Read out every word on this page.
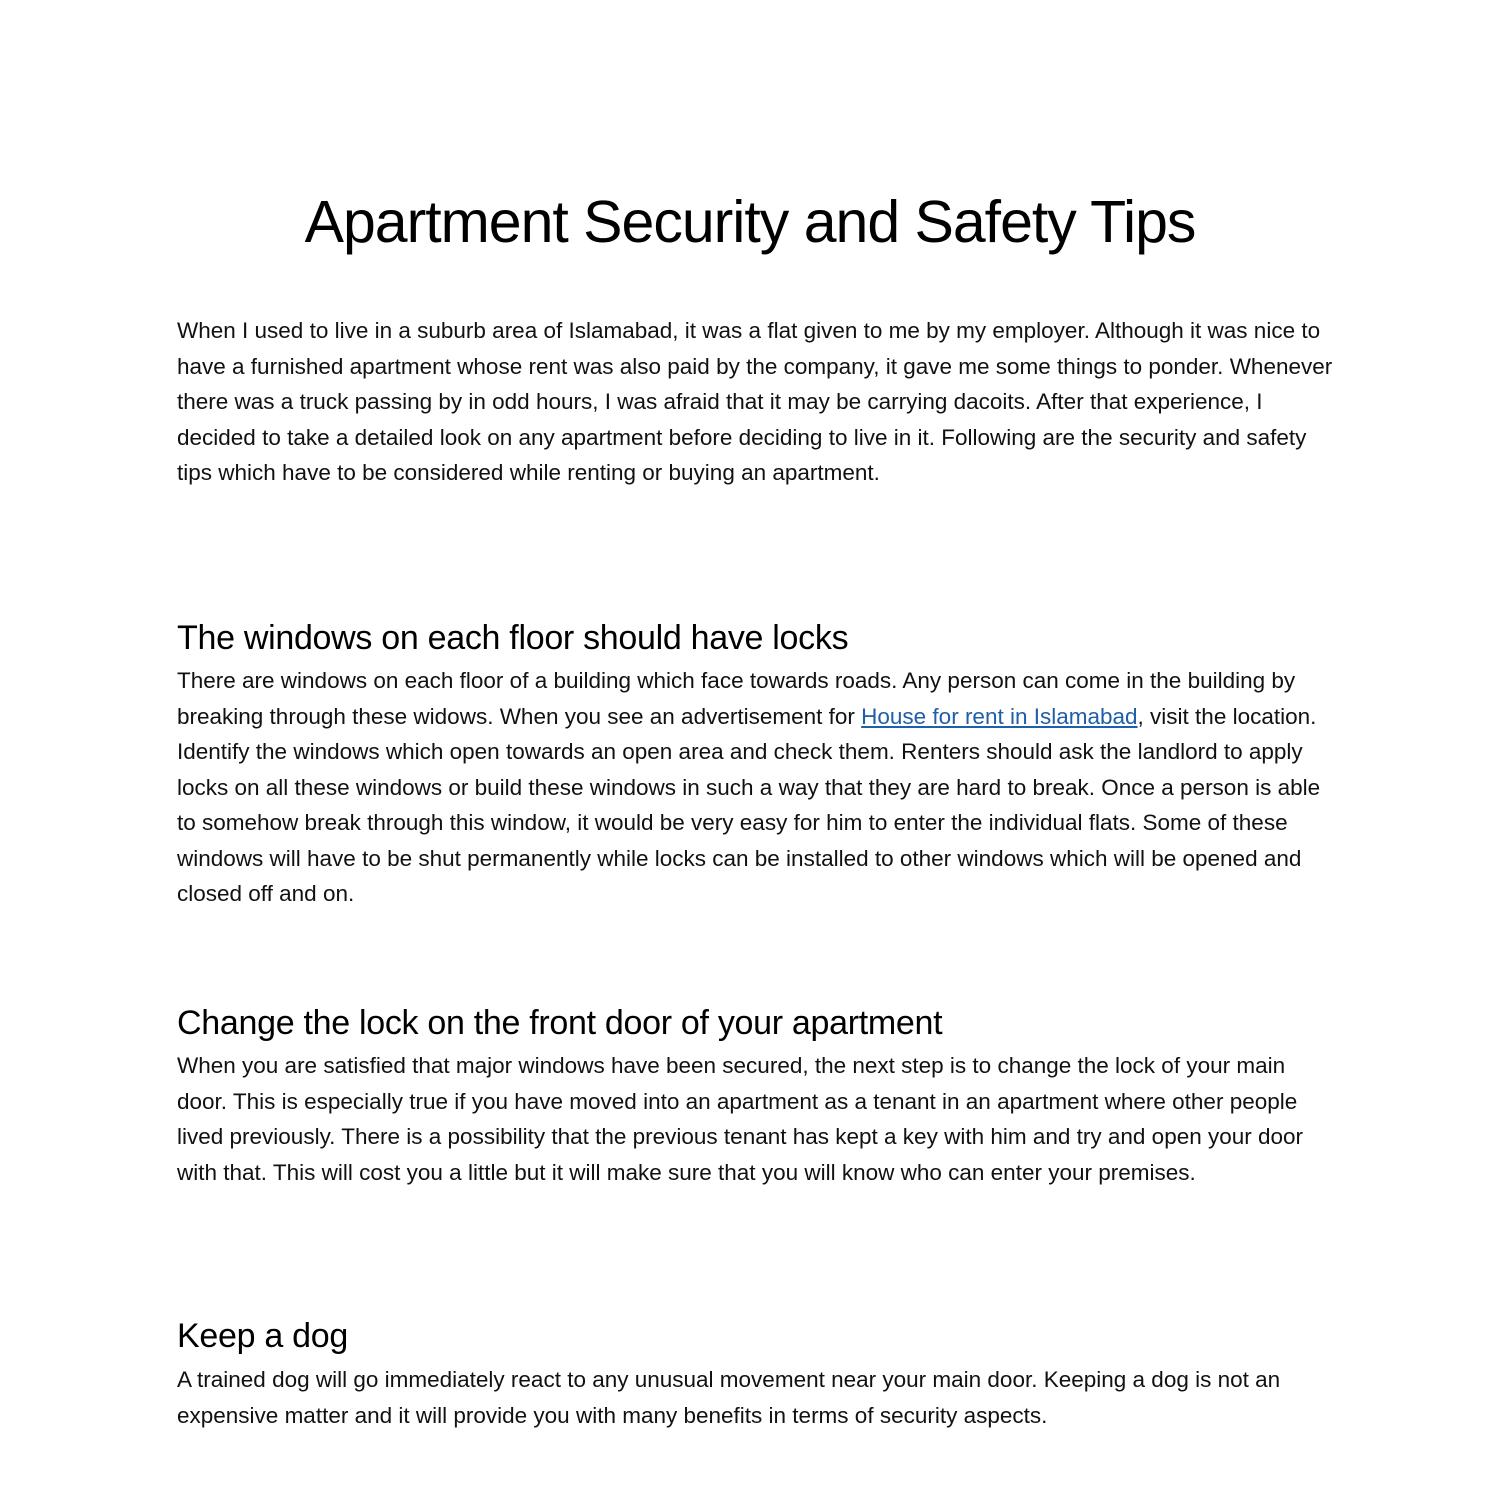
Apartment Security and Safety Tips

When I used to live in a suburb area of Islamabad, it was a flat given to me by my employer. Although it was nice to have a furnished apartment whose rent was also paid by the company, it gave me some things to ponder. Whenever there was a truck passing by in odd hours, I was afraid that it may be carrying dacoits. After that experience, I decided to take a detailed look on any apartment before deciding to live in it. Following are the security and safety tips which have to be considered while renting or buying an apartment.

The windows on each floor should have locks

There are windows on each floor of a building which face towards roads. Any person can come in the building by breaking through these widows. When you see an advertisement for House for rent in Islamabad, visit the location. Identify the windows which open towards an open area and check them. Renters should ask the landlord to apply locks on all these windows or build these windows in such a way that they are hard to break. Once a person is able to somehow break through this window, it would be very easy for him to enter the individual flats. Some of these windows will have to be shut permanently while locks can be installed to other windows which will be opened and closed off and on.

Change the lock on the front door of your apartment

When you are satisfied that major windows have been secured, the next step is to change the lock of your main door. This is especially true if you have moved into an apartment as a tenant in an apartment where other people lived previously. There is a possibility that the previous tenant has kept a key with him and try and open your door with that. This will cost you a little but it will make sure that you will know who can enter your premises.

Keep a dog

A trained dog will go immediately react to any unusual movement near your main door. Keeping a dog is not an expensive matter and it will provide you with many benefits in terms of security aspects.
